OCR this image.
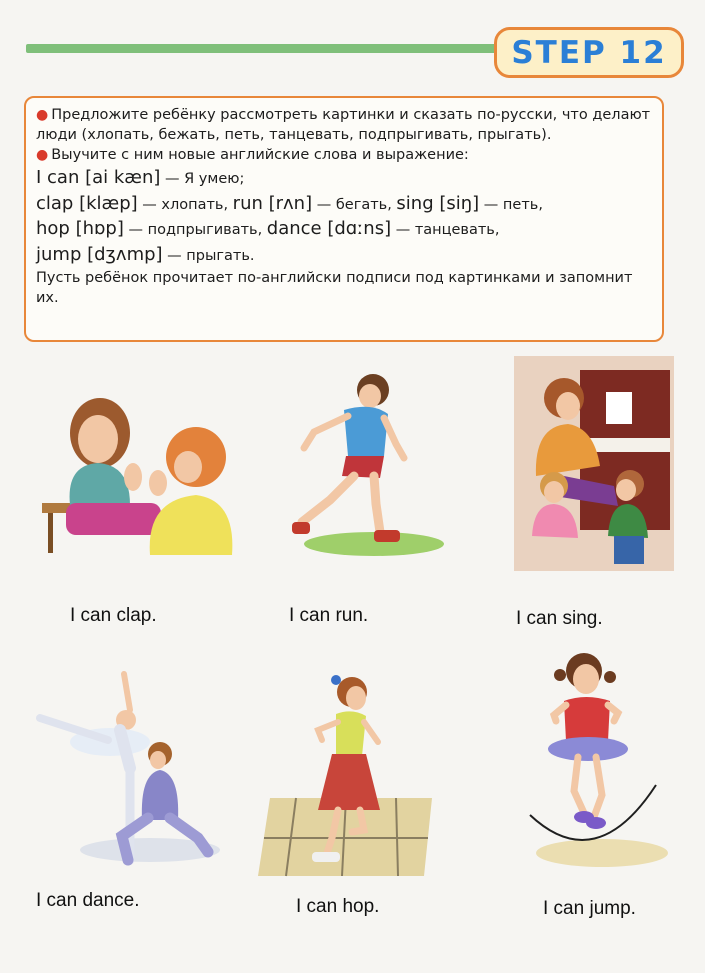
STEP 12

● Предложите ребёнку рассмотреть картинки и сказать по-русски, что делают люди (хлопать, бежать, петь, танцевать, подпрыгивать, прыгать).

● Выучите с ним новые английские слова и выражение:

I can [ai kæn] — Я умею;

clap [klæp] — хлопать, run [rʌn] — бегать, sing [siŋ] — петь,

hop [hɒp] — подпрыгивать, dance [dɑːns] — танцевать,

jump [dʒʌmp] — прыгать.

Пусть ребёнок прочитает по-английски подписи под картинками и запомнит их.

I can clap.	I can run.	I can sing.
I can dance.	I can hop.	I can jump.
